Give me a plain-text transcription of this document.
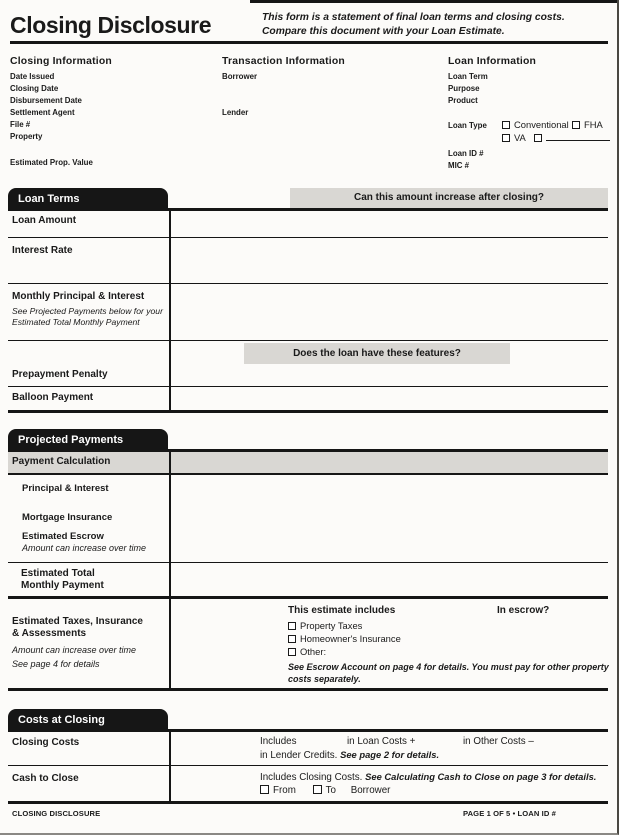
Closing Disclosure	This form is a statement of final loan terms and closing costs. Compare this document with your Loan Estimate.
Closing Information
Date Issued
Closing Date
Disbursement Date
Settlement Agent
File #
Property
Estimated Prop. Value
Transaction Information
Borrower
Lender
Loan Information
Loan Term
Purpose
Product
Loan Type	Conventional	FHA
VA
Loan ID #
MIC #
Loan Terms	Can this amount increase after closing?
Loan Amount
Interest Rate
Monthly Principal & Interest
See Projected Payments below for your
Estimated Total Monthly Payment
Does the loan have these features?
Prepayment Penalty
Balloon Payment
Projected Payments
Payment Calculation
Principal & Interest
Mortgage Insurance
Estimated Escrow
Amount can increase over time
Estimated Total
Monthly Payment
Estimated Taxes, Insurance
& Assessments
Amount can increase over time
See page 4 for details
This estimate includes	In escrow?
Property Taxes
Homeowner's Insurance
Other:
See Escrow Account on page 4 for details. You must pay for other property costs separately.
Costs at Closing
Closing Costs	Includes	in Loan Costs +	in Other Costs –
in Lender Credits. See page 2 for details.
Cash to Close	Includes Closing Costs. See Calculating Cash to Close on page 3 for details.
From	To Borrower
CLOSING DISCLOSURE	PAGE 1 OF 5 • LOAN ID #
